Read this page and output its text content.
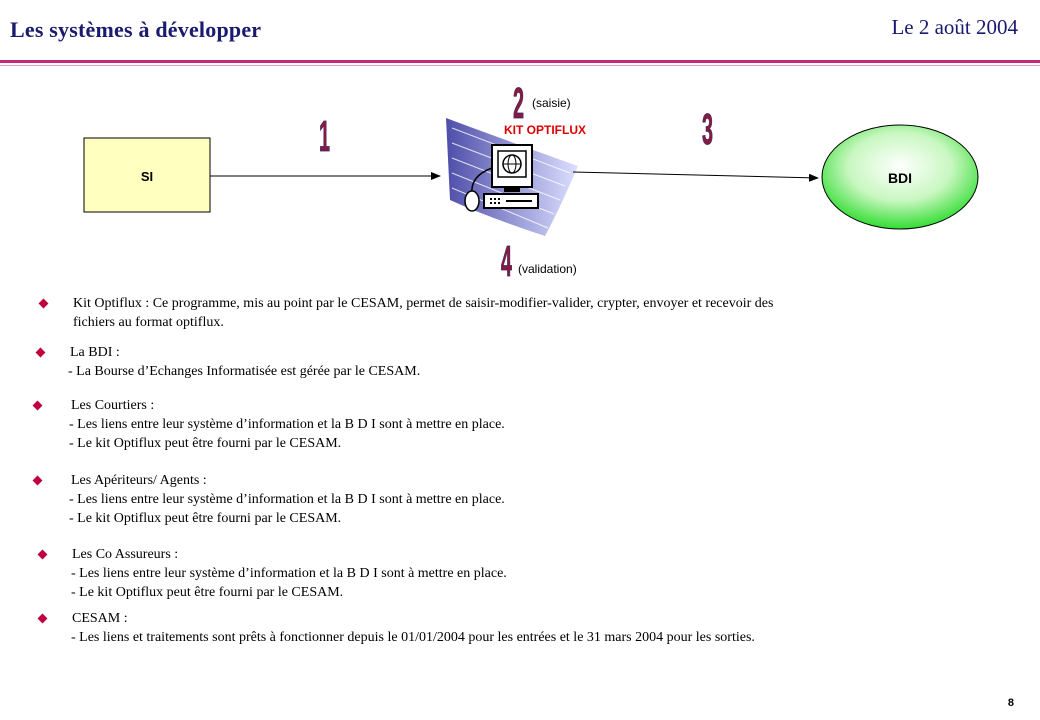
Les systèmes à développer	Le 2 août 2004
SI
KIT OPTIFLUX
(saisie)
(validation)
1
2
3
4
BDI
Kit Optiflux : Ce programme, mis au point par le CESAM, permet de saisir-modifier-valider, crypter, envoyer et recevoir des
fichiers au format optiflux.
La BDI :
- La Bourse d’Echanges Informatisée est gérée par le CESAM.
Les Courtiers :
- Les liens entre leur système d’information et la B D I sont à mettre en place.
- Le kit Optiflux peut être fourni par le CESAM.
Les Apériteurs/ Agents :
- Les liens entre leur système d’information et la B D I sont à mettre en place.
- Le kit Optiflux peut être fourni par le CESAM.
Les Co Assureurs :
- Les liens entre leur système d’information et la B D I sont à mettre en place.
- Le kit Optiflux peut être fourni par le CESAM.
CESAM :
- Les liens et traitements sont prêts à fonctionner depuis le 01/01/2004 pour les entrées et le 31 mars 2004 pour les sorties.
8
